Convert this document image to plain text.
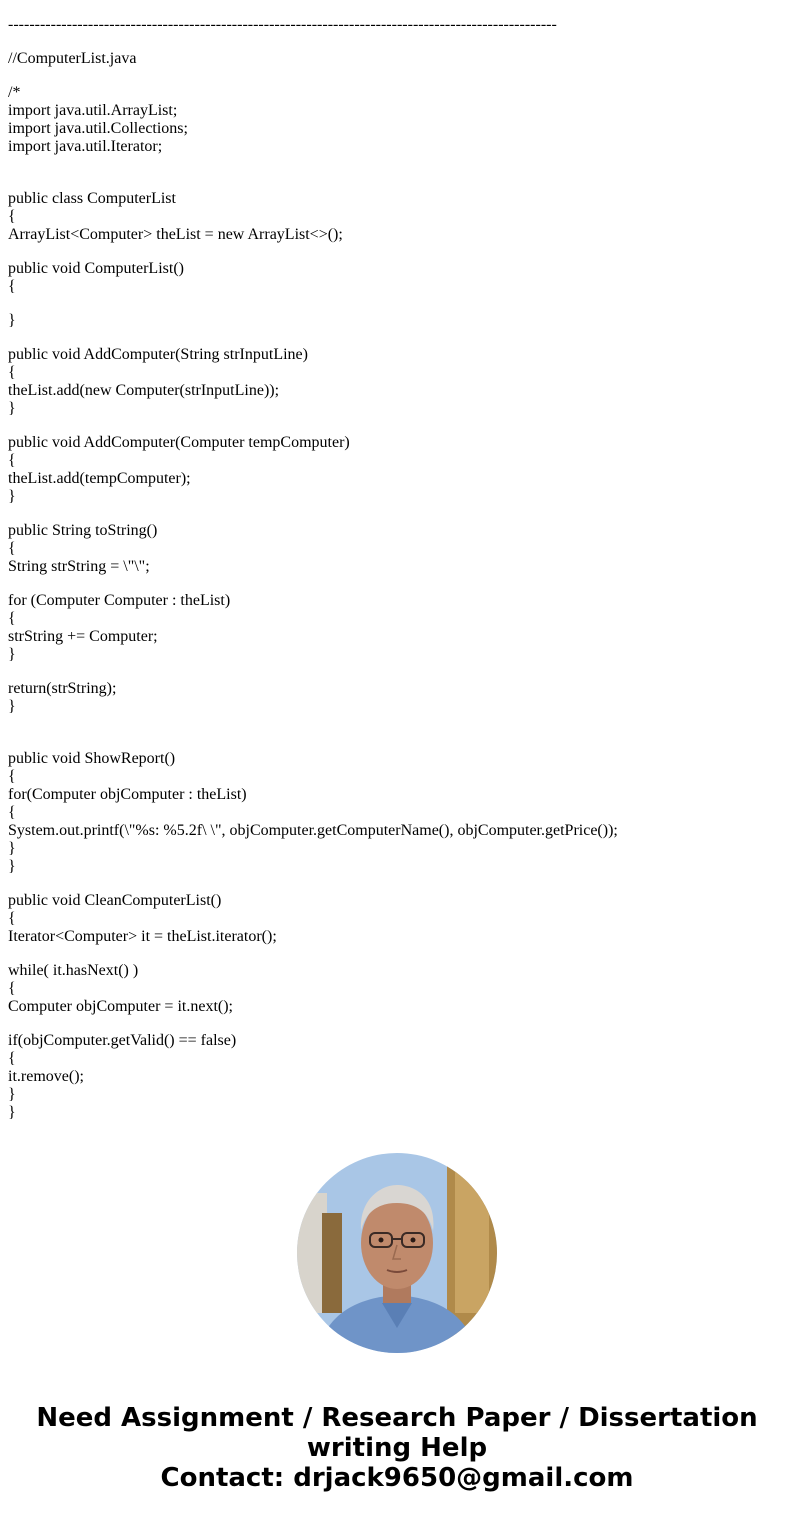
-------------------------------------------------------------------------------------------------------
//ComputerList.java
/*
import java.util.ArrayList;
import java.util.Collections;
import java.util.Iterator;
public class ComputerList
{
ArrayList<Computer> theList = new ArrayList<>();
public void ComputerList()
{
}
public void AddComputer(String strInputLine)
{
theList.add(new Computer(strInputLine));
}
public void AddComputer(Computer tempComputer)
{
theList.add(tempComputer);
}
public String toString()
{
String strString = \"\";
for (Computer Computer : theList)
{
strString += Computer;
}
return(strString);
}
public void ShowReport()
{
for(Computer objComputer : theList)
{
System.out.printf(\"%s: %5.2f\ \", objComputer.getComputerName(), objComputer.getPrice());
}
}
public void CleanComputerList()
{
Iterator<Computer> it = theList.iterator();
while( it.hasNext() )
{
Computer objComputer = it.next();
if(objComputer.getValid() == false)
{
it.remove();
}
}
Need Assignment / Research Paper / Dissertation
writing Help
Contact: drjack9650@gmail.com
